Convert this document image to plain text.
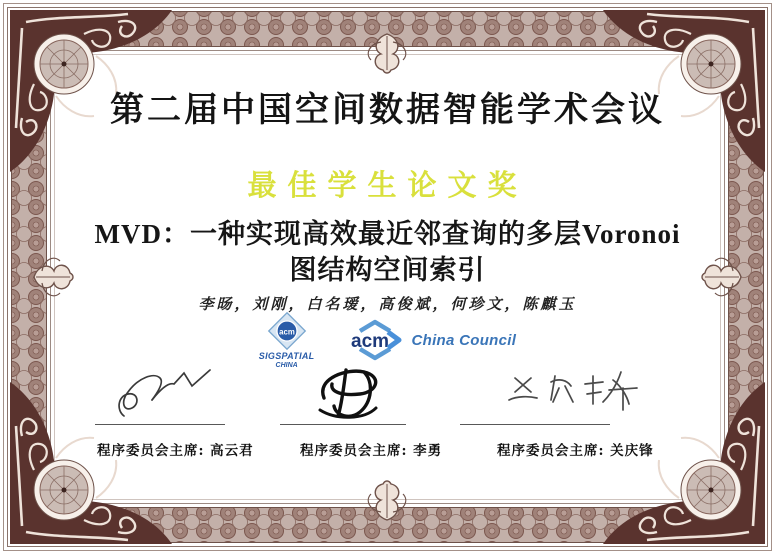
第二届中国空间数据智能学术会议
最佳学生论文奖
MVD：一种实现高效最近邻查询的多层Voronoi
图结构空间索引
李旸，刘刚，白名瑷，高俊斌，何珍文，陈麒玉
acm
SIGSPATIAL
CHINA
acm China Council
程序委员会主席: 高云君	程序委员会主席: 李勇	程序委员会主席: 关庆锋
